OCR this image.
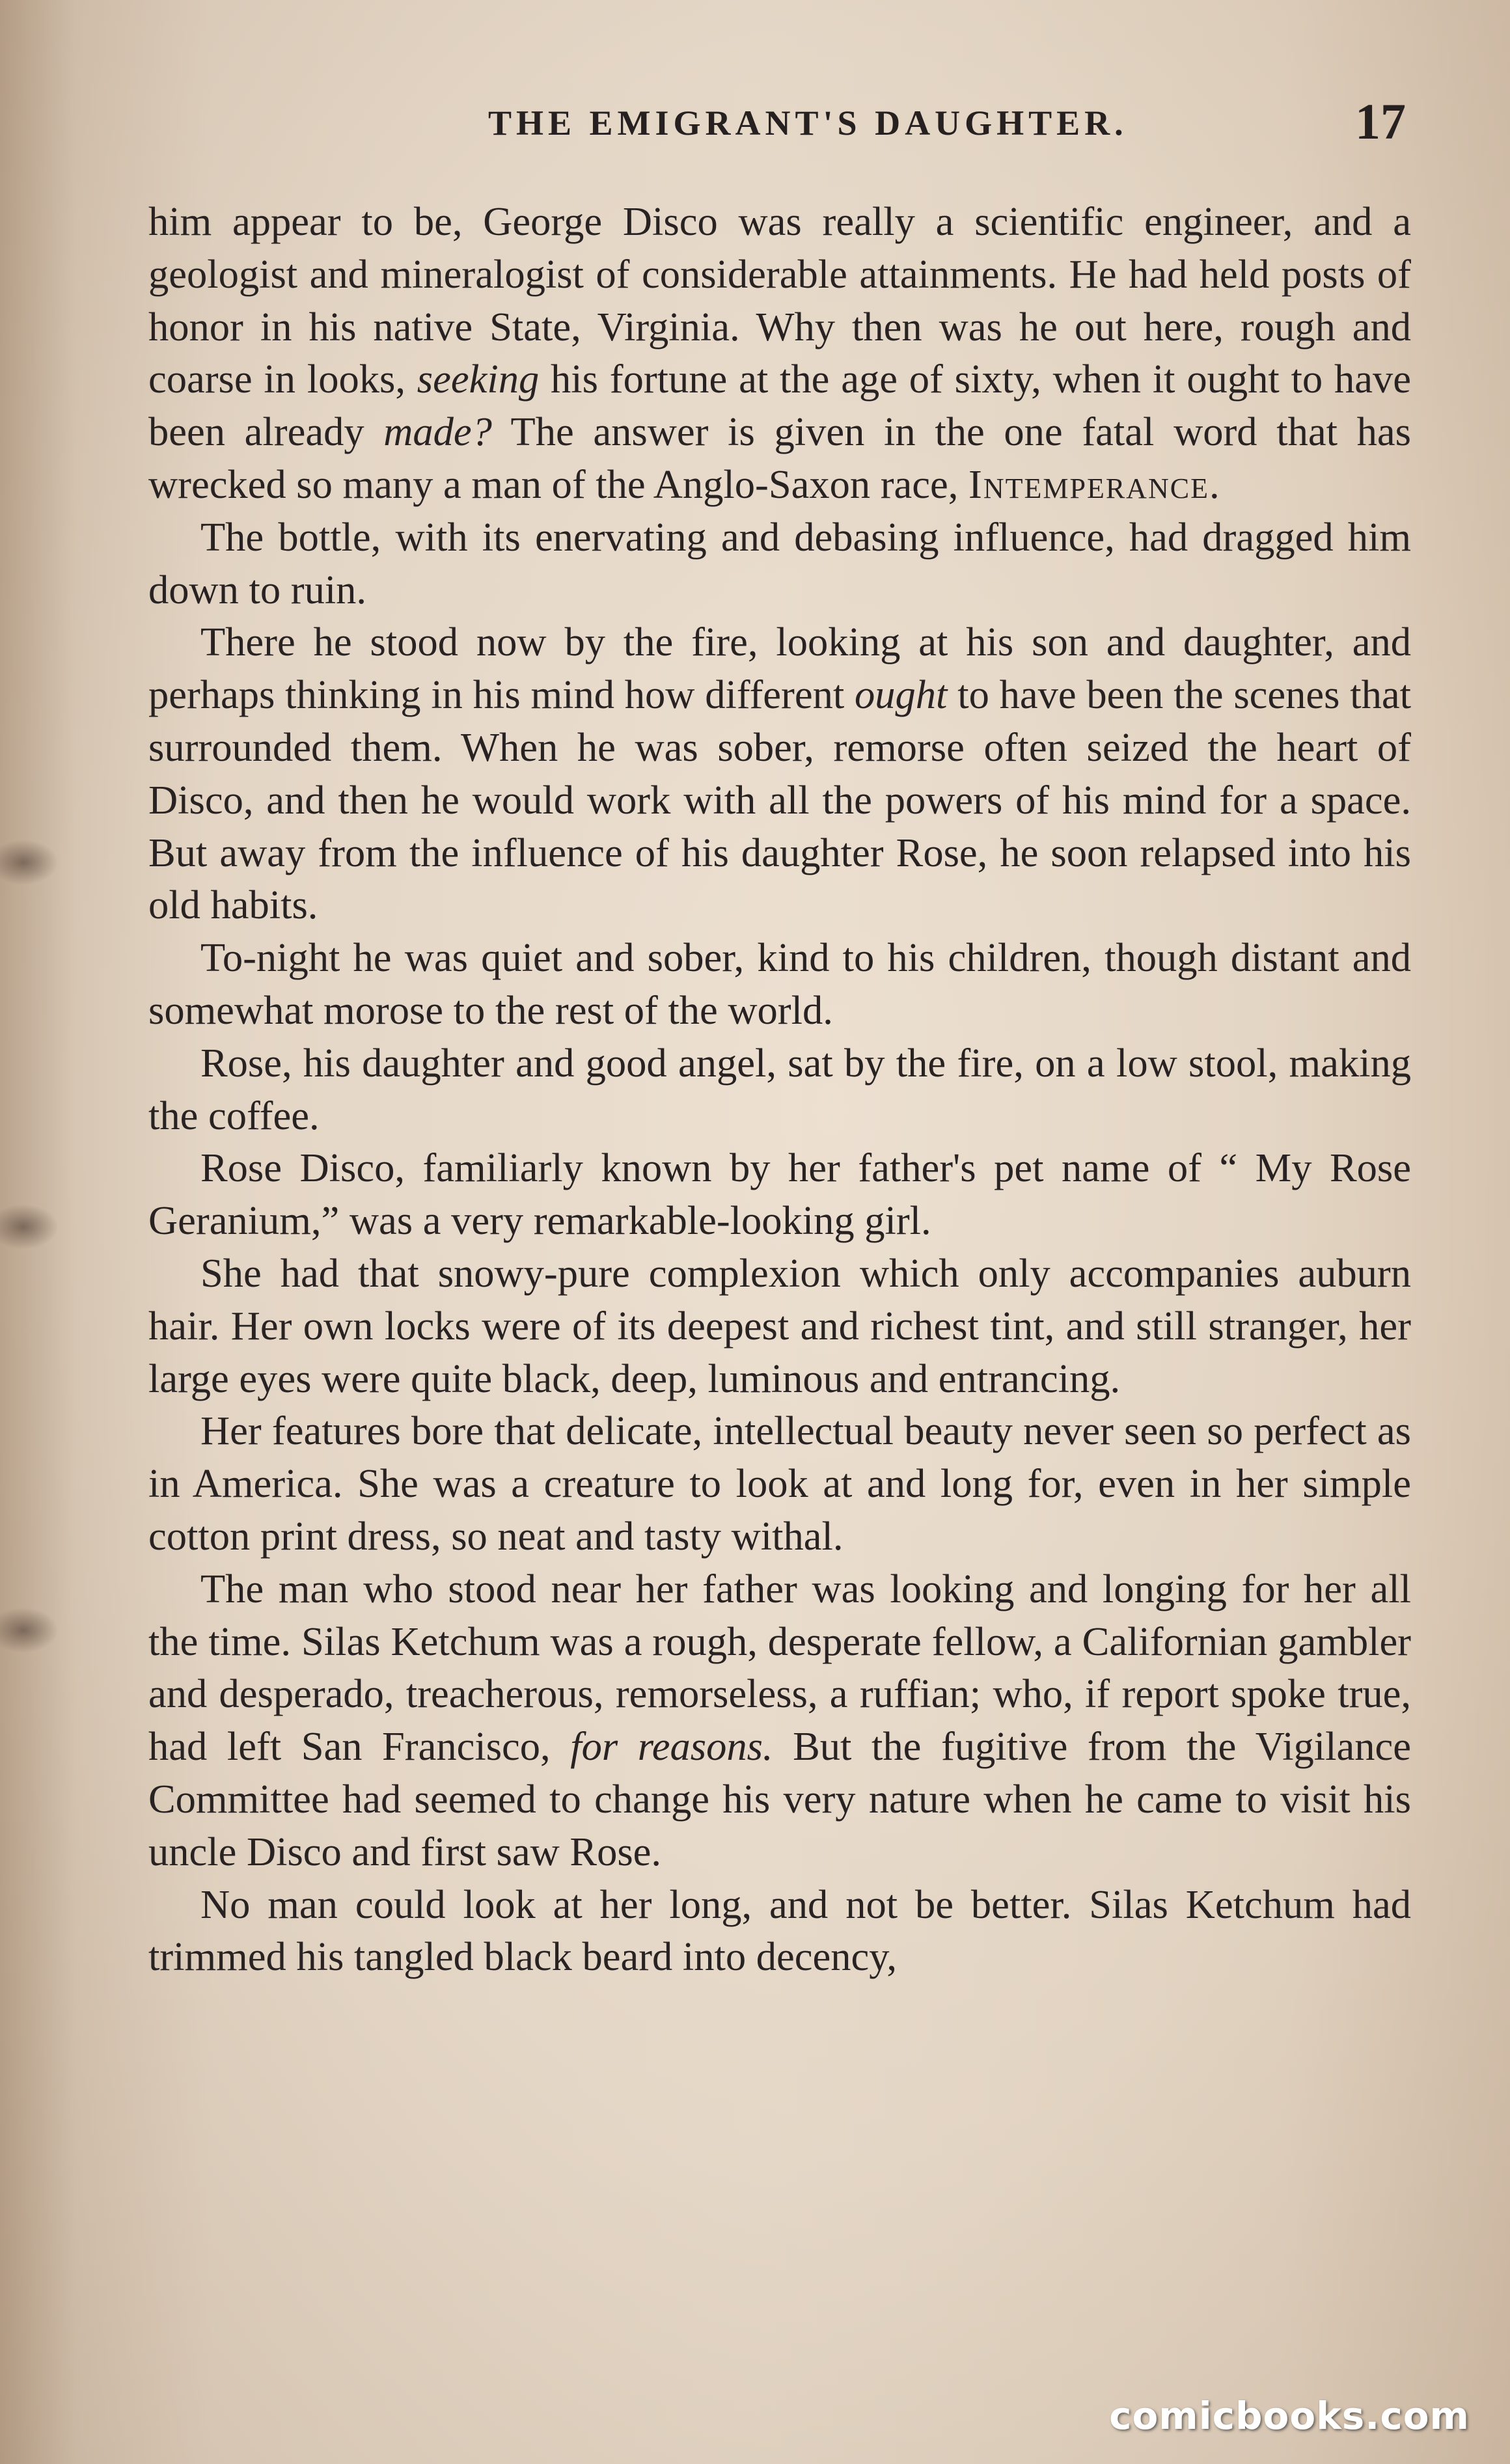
THE EMIGRANT'S DAUGHTER.	17

him appear to be, George Disco was really a scientific engineer, and a geologist and mineralogist of considerable attainments. He had held posts of honor in his native State, Virginia. Why then was he out here, rough and coarse in looks, seeking his fortune at the age of sixty, when it ought to have been already made? The answer is given in the one fatal word that has wrecked so many a man of the Anglo-Saxon race, Intemperance.

The bottle, with its enervating and debasing influence, had dragged him down to ruin.

There he stood now by the fire, looking at his son and daughter, and perhaps thinking in his mind how different ought to have been the scenes that surrounded them. When he was sober, remorse often seized the heart of Disco, and then he would work with all the powers of his mind for a space. But away from the influence of his daughter Rose, he soon relapsed into his old habits.

To-night he was quiet and sober, kind to his children, though distant and somewhat morose to the rest of the world.

Rose, his daughter and good angel, sat by the fire, on a low stool, making the coffee.

Rose Disco, familiarly known by her father's pet name of “ My Rose Geranium,” was a very remarkable-looking girl.

She had that snowy-pure complexion which only accompanies auburn hair. Her own locks were of its deepest and richest tint, and still stranger, her large eyes were quite black, deep, luminous and entrancing.

Her features bore that delicate, intellectual beauty never seen so perfect as in America. She was a creature to look at and long for, even in her simple cotton print dress, so neat and tasty withal.

The man who stood near her father was looking and longing for her all the time. Silas Ketchum was a rough, desperate fellow, a Californian gambler and desperado, treacherous, remorseless, a ruffian; who, if report spoke true, had left San Francisco, for reasons. But the fugitive from the Vigilance Committee had seemed to change his very nature when he came to visit his uncle Disco and first saw Rose.

No man could look at her long, and not be better. Silas Ketchum had trimmed his tangled black beard into decency,

comicbooks.com
